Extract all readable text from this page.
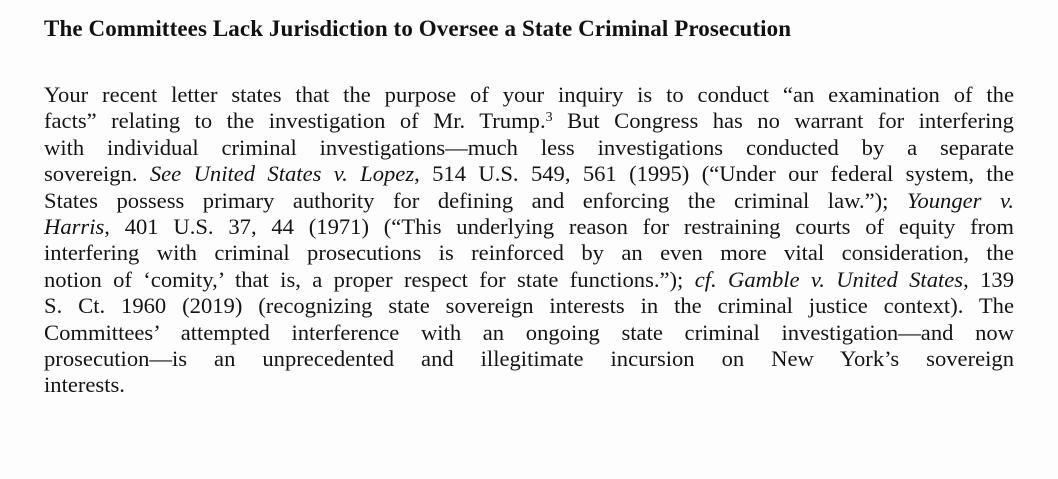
The Committees Lack Jurisdiction to Oversee a State Criminal Prosecution
Your recent letter states that the purpose of your inquiry is to conduct “an examination of the
facts” relating to the investigation of Mr. Trump.$^3$ But Congress has no warrant for interfering
with individual criminal investigations—much less investigations conducted by a separate
sovereign. See United States v. Lopez, 514 U.S. 549, 561 (1995) (“Under our federal system, the
States possess primary authority for defining and enforcing the criminal law.”); Younger v.
Harris, 401 U.S. 37, 44 (1971) (“This underlying reason for restraining courts of equity from
interfering with criminal prosecutions is reinforced by an even more vital consideration, the
notion of ‘comity,’ that is, a proper respect for state functions.”); cf. Gamble v. United States, 139
S. Ct. 1960 (2019) (recognizing state sovereign interests in the criminal justice context). The
Committees’ attempted interference with an ongoing state criminal investigation—and now
prosecution—is an unprecedented and illegitimate incursion on New York’s sovereign
interests.
